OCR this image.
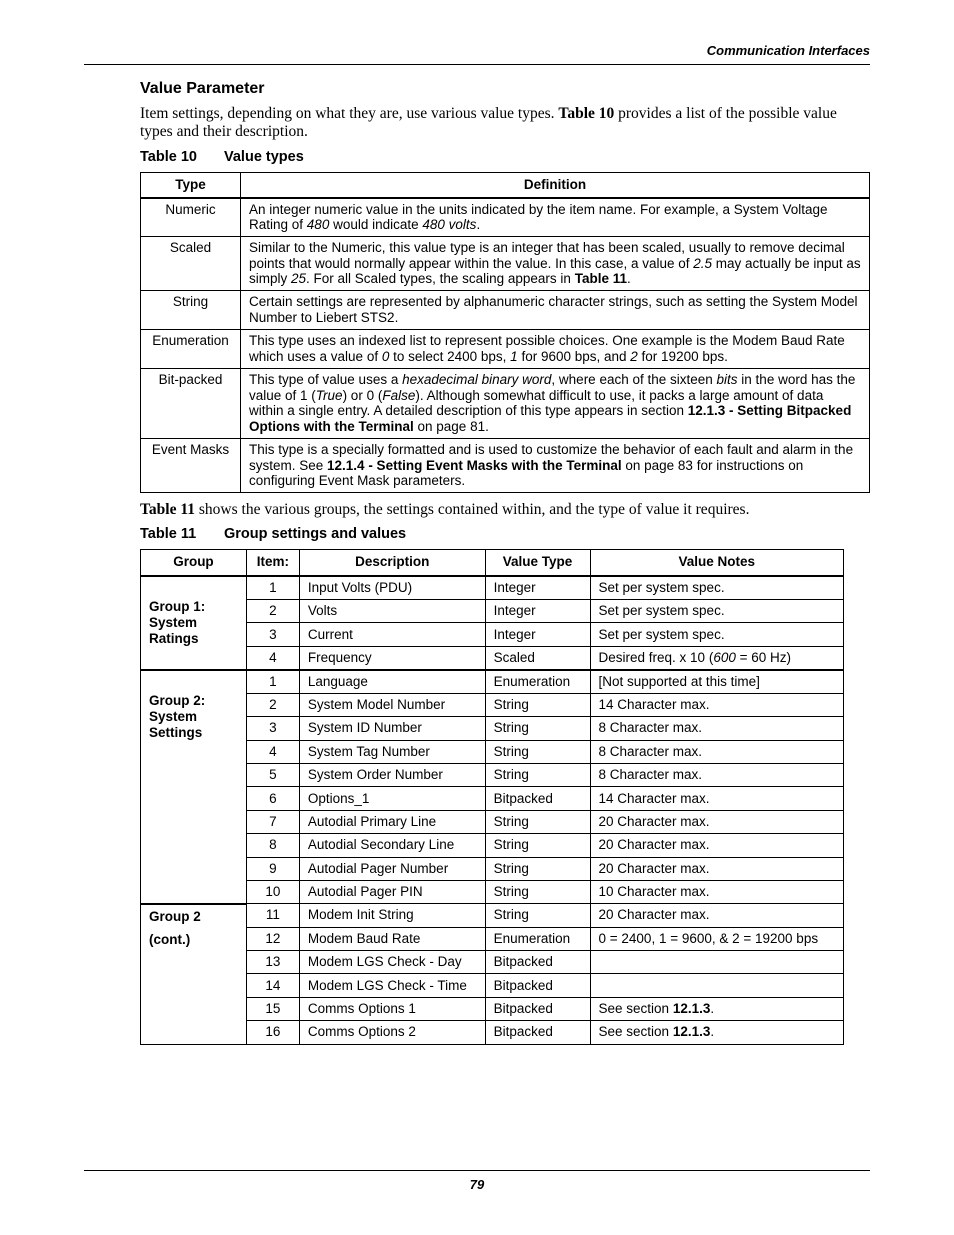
Communication Interfaces
Value Parameter
Item settings, depending on what they are, use various value types. Table 10 provides a list of the possible value types and their description.
Table 10 Value types
Type	Definition
Numeric	An integer numeric value in the units indicated by the item name. For example, a System Voltage Rating of 480 would indicate 480 volts.
Scaled	Similar to the Numeric, this value type is an integer that has been scaled, usually to remove decimal points that would normally appear within the value. In this case, a value of 2.5 may actually be input as simply 25. For all Scaled types, the scaling appears in Table 11.
String	Certain settings are represented by alphanumeric character strings, such as setting the System Model Number to Liebert STS2.
Enumeration	This type uses an indexed list to represent possible choices. One example is the Modem Baud Rate which uses a value of 0 to select 2400 bps, 1 for 9600 bps, and 2 for 19200 bps.
Bit-packed	This type of value uses a hexadecimal binary word, where each of the sixteen bits in the word has the value of 1 (True) or 0 (False). Although somewhat difficult to use, it packs a large amount of data within a single entry. A detailed description of this type appears in section 12.1.3 - Setting Bitpacked Options with the Terminal on page 81.
Event Masks	This type is a specially formatted and is used to customize the behavior of each fault and alarm in the system. See 12.1.4 - Setting Event Masks with the Terminal on page 83 for instructions on configuring Event Mask parameters.
Table 11 shows the various groups, the settings contained within, and the type of value it requires.
Table 11 Group settings and values
Group	Item:	Description	Value Type	Value Notes

Group 1:
System
Ratings	1	Input Volts (PDU)	Integer	Set per system spec.
	2	Volts	Integer	Set per system spec.
	3	Current	Integer	Set per system spec.
	4	Frequency	Scaled	Desired freq. x 10 (600 = 60 Hz)

Group 2:
System
Settings	1	Language	Enumeration	[Not supported at this time]
	2	System Model Number	String	14 Character max.
	3	System ID Number	String	8 Character max.
	4	System Tag Number	String	8 Character max.
	5	System Order Number	String	8 Character max.
	6	Options_1	Bitpacked	14 Character max.
	7	Autodial Primary Line	String	20 Character max.
	8	Autodial Secondary Line	String	20 Character max.
	9	Autodial Pager Number	String	20 Character max.
	10	Autodial Pager PIN	String	10 Character max.

Group 2
(cont.)	11	Modem Init String	String	20 Character max.
	12	Modem Baud Rate	Enumeration	0 = 2400, 1 = 9600, & 2 = 19200 bps
	13	Modem LGS Check - Day	Bitpacked	
	14	Modem LGS Check - Time	Bitpacked	
	15	Comms Options 1	Bitpacked	See section 12.1.3.
	16	Comms Options 2	Bitpacked	See section 12.1.3.
79
